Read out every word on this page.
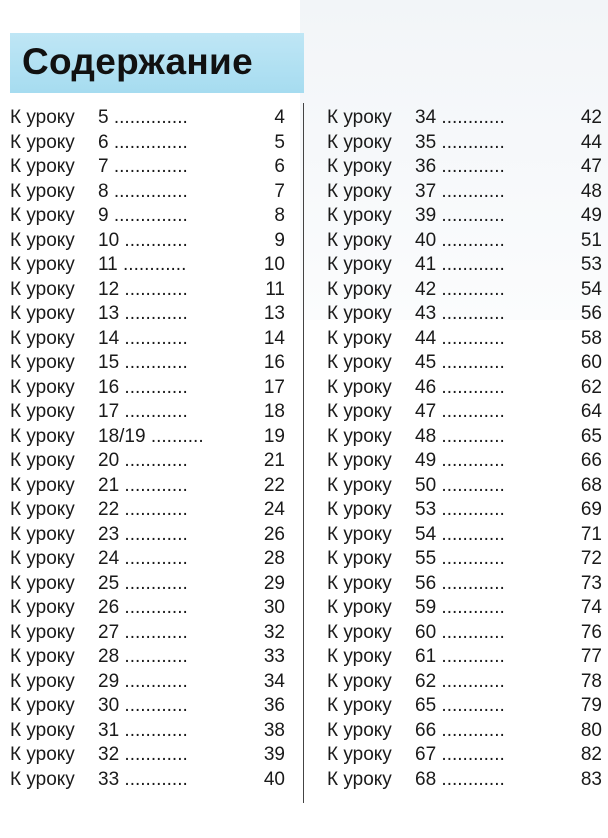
Содержание
К уроку 5 ..............	4
К уроку 6 ..............	5
К уроку 7 ..............	6
К уроку 8 ..............	7
К уроку 9 ..............	8
К уроку 10 ............	9
К уроку 11 ............	10
К уроку 12 ............	11
К уроку 13 ............	13
К уроку 14 ............	14
К уроку 15 ............	16
К уроку 16 ............	17
К уроку 17 ............	18
К уроку 18/19 ..........	19
К уроку 20 ............	21
К уроку 21 ............	22
К уроку 22 ............	24
К уроку 23 ............	26
К уроку 24 ............	28
К уроку 25 ............	29
К уроку 26 ............	30
К уроку 27 ............	32
К уроку 28 ............	33
К уроку 29 ............	34
К уроку 30 ............	36
К уроку 31 ............	38
К уроку 32 ............	39
К уроку 33 ............	40
К уроку 34 ............	42
К уроку 35 ............	44
К уроку 36 ............	47
К уроку 37 ............	48
К уроку 39 ............	49
К уроку 40 ............	51
К уроку 41 ............	53
К уроку 42 ............	54
К уроку 43 ............	56
К уроку 44 ............	58
К уроку 45 ............	60
К уроку 46 ............	62
К уроку 47 ............	64
К уроку 48 ............	65
К уроку 49 ............	66
К уроку 50 ............	68
К уроку 53 ............	69
К уроку 54 ............	71
К уроку 55 ............	72
К уроку 56 ............	73
К уроку 59 ............	74
К уроку 60 ............	76
К уроку 61 ............	77
К уроку 62 ............	78
К уроку 65 ............	79
К уроку 66 ............	80
К уроку 67 ............	82
К уроку 68 ............	83
